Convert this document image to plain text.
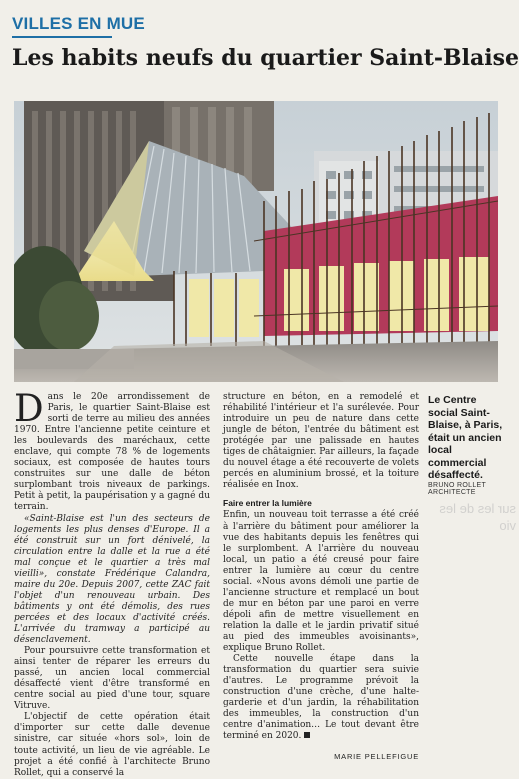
VILLES EN MUE
Les habits neufs du quartier Saint-Blaise
Le Centre social Saint-Blaise, à Paris, était un ancien local commercial désaffecté.
BRUNO ROLLET ARCHITECTE

Dans le 20e arrondissement de Paris, le quartier Saint-Blaise est sorti de terre au milieu des années 1970. Entre l'ancienne petite ceinture et les boulevards des maréchaux, cette enclave, qui compte 78 % de logements sociaux, est composée de hautes tours construites sur une dalle de béton surplombant trois niveaux de parkings. Petit à petit, la paupérisation y a gagné du terrain.

«Saint-Blaise est l'un des secteurs de logements les plus denses d'Europe. Il a été construit sur un fort dénivelé, la circulation entre la dalle et la rue a été mal conçue et le quartier a très mal vieilli», constate Frédérique Calandra, maire du 20e. Depuis 2007, cette ZAC fait l'objet d'un renouveau urbain. Des bâtiments y ont été démolis, des rues percées et des locaux d'activité créés. L'arrivée du tramway a participé au désenclavement.

Pour poursuivre cette transformation et ainsi tenter de réparer les erreurs du passé, un ancien local commercial désaffecté vient d'être transformé en centre social au pied d'une tour, square Vitruve.

L'objectif de cette opération était d'importer sur cette dalle devenue sinistre, car située «hors sol», loin de toute activité, un lieu de vie agréable. Le projet a été confié à l'architecte Bruno Rollet, qui a conservé la

structure en béton, en a remodelé et réhabilité l'intérieur et l'a surélevée. Pour introduire un peu de nature dans cette jungle de béton, l'entrée du bâtiment est protégée par une palissade en hautes tiges de châtaignier. Par ailleurs, la façade du nouvel étage a été recouverte de volets percés en aluminium brossé, et la toiture réalisée en Inox.

Faire entrer la lumière

Enfin, un nouveau toit terrasse a été créé à l'arrière du bâtiment pour améliorer la vue des habitants depuis les fenêtres qui le surplombent. A l'arrière du nouveau local, un patio a été creusé pour faire entrer la lumière au cœur du centre social. «Nous avons démoli une partie de l'ancienne structure et remplacé un bout de mur en béton par une paroi en verre dépoli afin de mettre visuellement en relation la dalle et le jardin privatif situé au pied des immeubles avoisinants», explique Bruno Rollet.

Cette nouvelle étape dans la transformation du quartier sera suivie d'autres. Le programme prévoit la construction d'une crèche, d'une halte-garderie et d'un jardin, la réhabilitation des immeubles, la construction d'un centre d'animation… Le tout devant être terminé en 2020.

MARIE PELLEFIGUE
sur les de les vio
